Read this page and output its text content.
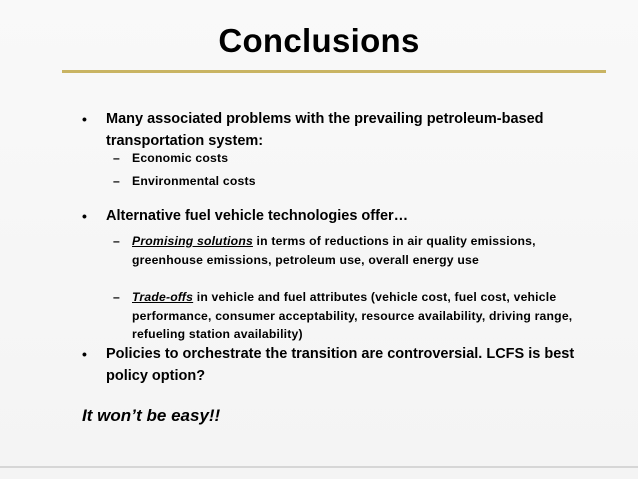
Conclusions
• Many associated problems with the prevailing petroleum-based transportation system:
– Economic costs
– Environmental costs
• Alternative fuel vehicle technologies offer…
– Promising solutions in terms of reductions in air quality emissions, greenhouse emissions, petroleum use, overall energy use
– Trade-offs in vehicle and fuel attributes (vehicle cost, fuel cost, vehicle performance, consumer acceptability, resource availability, driving range, refueling station availability)
• Policies to orchestrate the transition are controversial. LCFS is best policy option?
It won’t be easy!!
